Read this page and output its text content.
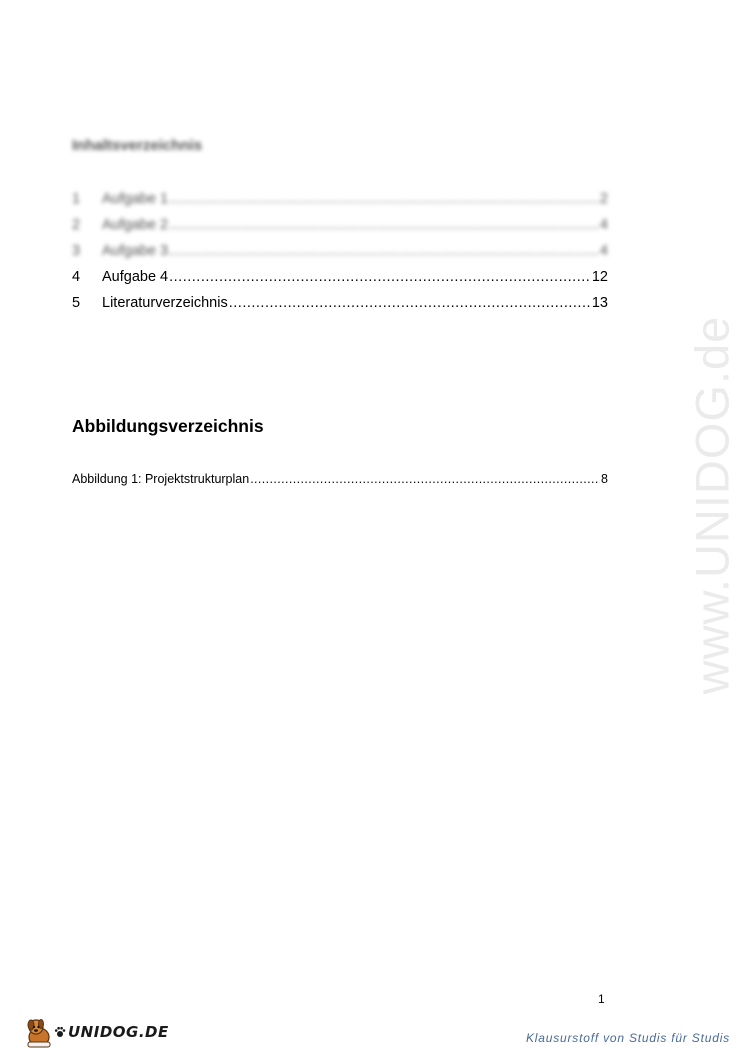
Inhaltsverzeichnis
1	Aufgabe 1 .....	2
2	Aufgabe 2 .....	4
3	Aufgabe 3 .....	4
4	Aufgabe 4 .....	12
5	Literaturverzeichnis .....	13
Abbildungsverzeichnis
Abbildung 1: Projektstrukturplan .....	8 www.UNIDOG.de
1
UNIDOG.DE	Klausurstoff von Studis für Studis
